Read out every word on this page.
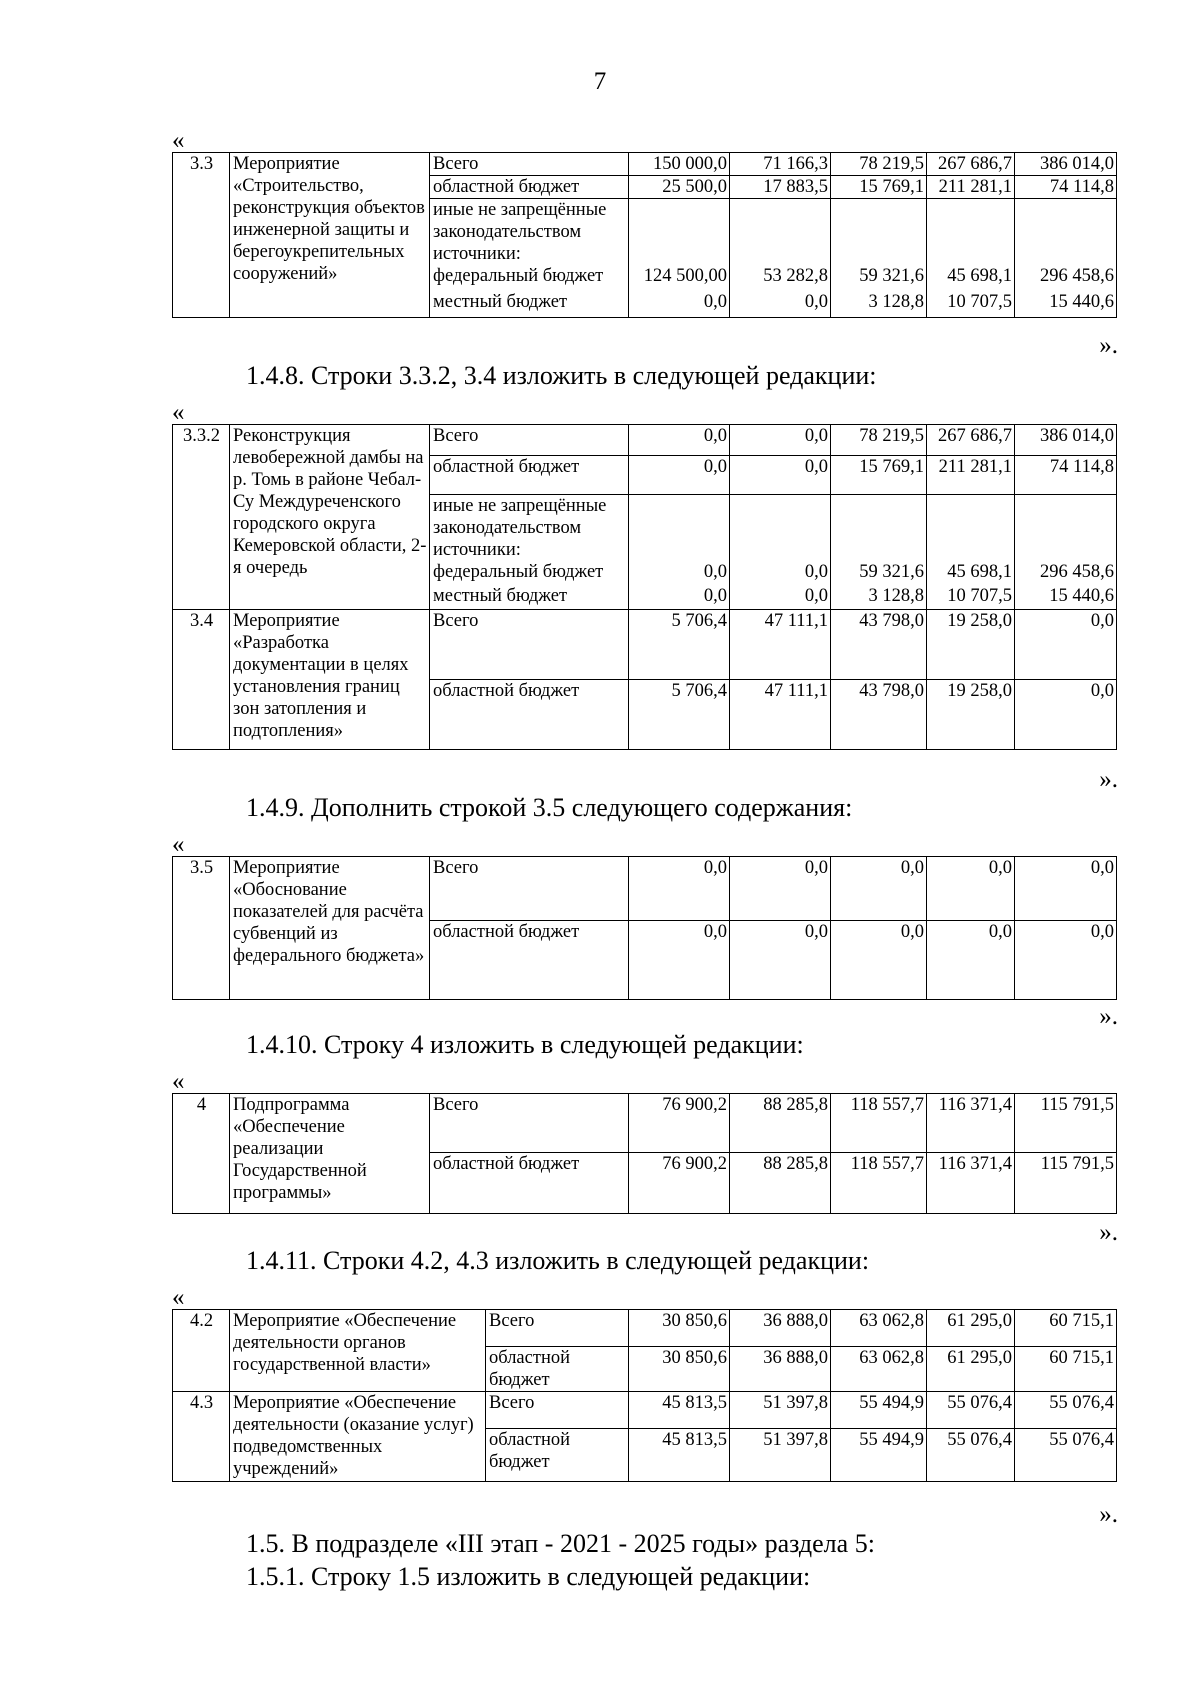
7
«
3.3	Мероприятие «Строительство, реконструкция объектов инженерной защиты и берегоукрепительных сооружений»	Всего	150 000,0	71 166,3	78 219,5	267 686,7	386 014,0
		областной бюджет	25 500,0	17 883,5	15 769,1	211 281,1	74 114,8
		иные не запрещённые законодательством источники:					
		федеральный бюджет	124 500,00	53 282,8	59 321,6	45 698,1	296 458,6
		местный бюджет	0,0	0,0	3 128,8	10 707,5	15 440,6
».
1.4.8. Строки 3.3.2, 3.4 изложить в следующей редакции:
«
3.3.2	Реконструкция левобережной дамбы на р. Томь в районе Чебал-Су Междуреченского городского округа Кемеровской области, 2-я очередь	Всего	0,0	0,0	78 219,5	267 686,7	386 014,0
		областной бюджет	0,0	0,0	15 769,1	211 281,1	74 114,8
		иные не запрещённые законодательством источники:					
		федеральный бюджет	0,0	0,0	59 321,6	45 698,1	296 458,6
		местный бюджет	0,0	0,0	3 128,8	10 707,5	15 440,6
3.4	Мероприятие «Разработка документации в целях установления границ зон затопления и подтопления»	Всего	5 706,4	47 111,1	43 798,0	19 258,0	0,0
		областной бюджет	5 706,4	47 111,1	43 798,0	19 258,0	0,0
».
1.4.9. Дополнить строкой 3.5 следующего содержания:
«
3.5	Мероприятие «Обоснование показателей для расчёта субвенций из федерального бюджета»	Всего	0,0	0,0	0,0	0,0	0,0
		областной бюджет	0,0	0,0	0,0	0,0	0,0
».
1.4.10. Строку 4 изложить в следующей редакции:
«
4	Подпрограмма «Обеспечение реализации Государственной программы»	Всего	76 900,2	88 285,8	118 557,7	116 371,4	115 791,5
		областной бюджет	76 900,2	88 285,8	118 557,7	116 371,4	115 791,5
».
1.4.11. Строки 4.2, 4.3 изложить в следующей редакции:
«
4.2	Мероприятие «Обеспечение деятельности органов государственной власти»	Всего	30 850,6	36 888,0	63 062,8	61 295,0	60 715,1
		областной бюджет	30 850,6	36 888,0	63 062,8	61 295,0	60 715,1
4.3	Мероприятие «Обеспечение деятельности (оказание услуг) подведомственных учреждений»	Всего	45 813,5	51 397,8	55 494,9	55 076,4	55 076,4
		областной бюджет	45 813,5	51 397,8	55 494,9	55 076,4	55 076,4
».
1.5. В подразделе «III этап - 2021 - 2025 годы» раздела 5:
1.5.1. Строку 1.5 изложить в следующей редакции:
